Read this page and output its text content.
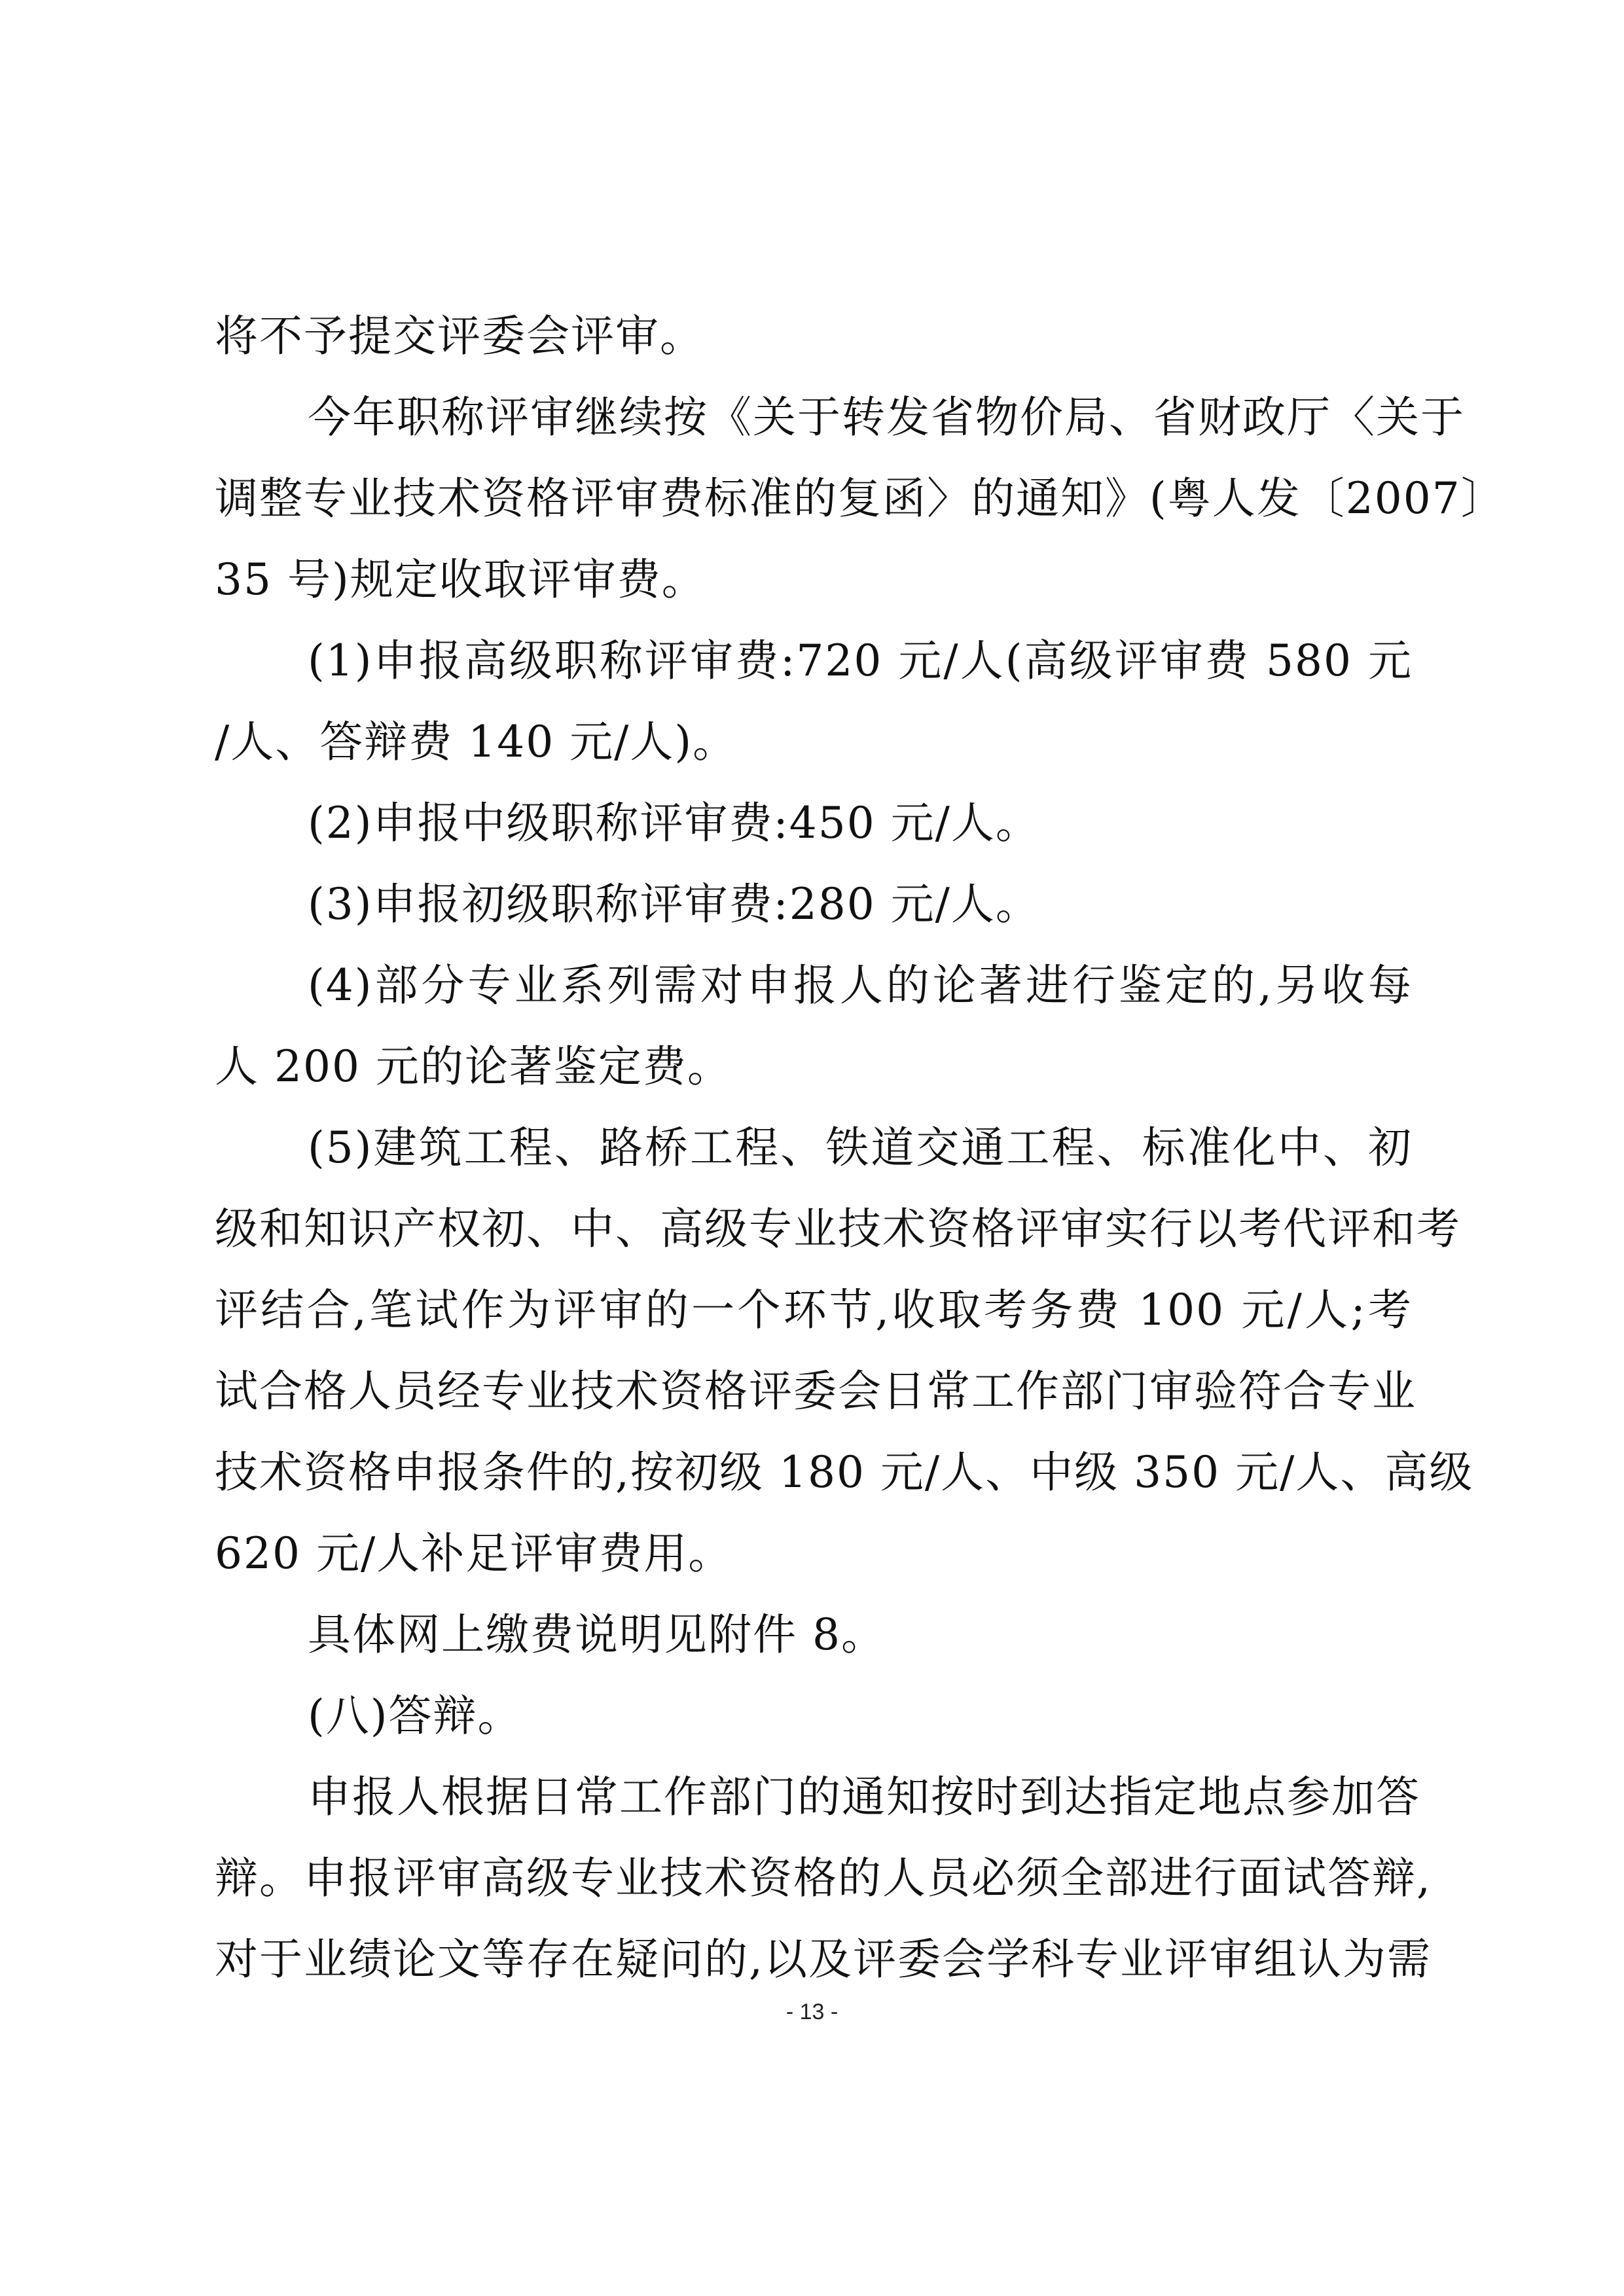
将不予提交评委会评审。
今年职称评审继续按《关于转发省物价局、省财政厅〈关于
调整专业技术资格评审费标准的复函〉的通知》(粤人发〔2007〕
35 号)规定收取评审费。
(1)申报高级职称评审费:720 元/人(高级评审费 580 元
/人、答辩费 140 元/人)。
(2)申报中级职称评审费:450 元/人。
(3)申报初级职称评审费:280 元/人。
(4)部分专业系列需对申报人的论著进行鉴定的,另收每
人 200 元的论著鉴定费。
(5)建筑工程、路桥工程、铁道交通工程、标准化中、初
级和知识产权初、中、高级专业技术资格评审实行以考代评和考
评结合,笔试作为评审的一个环节,收取考务费 100 元/人;考
试合格人员经专业技术资格评委会日常工作部门审验符合专业
技术资格申报条件的,按初级 180 元/人、中级 350 元/人、高级
620 元/人补足评审费用。
具体网上缴费说明见附件 8。
(八)答辩。
申报人根据日常工作部门的通知按时到达指定地点参加答
辩。申报评审高级专业技术资格的人员必须全部进行面试答辩,
对于业绩论文等存在疑问的,以及评委会学科专业评审组认为需
- 13 -
